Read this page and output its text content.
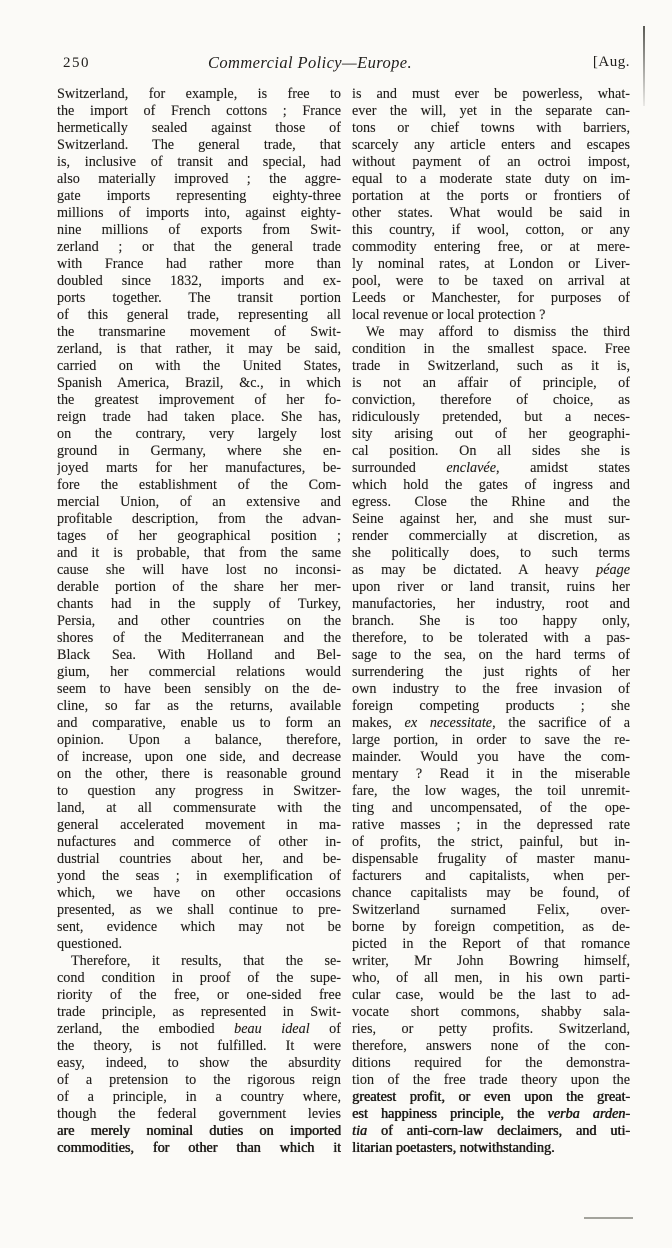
250	Commercial Policy—Europe.	[Aug.
Switzerland, for example, is free to
the import of French cottons ; France
hermetically sealed against those of
Switzerland. The general trade, that
is, inclusive of transit and special, had
also materially improved ; the aggre-
gate imports representing eighty-three
millions of imports into, against eighty-
nine millions of exports from Swit-
zerland ; or that the general trade
with France had rather more than
doubled since 1832, imports and ex-
ports together. The transit portion
of this general trade, representing all
the transmarine movement of Swit-
zerland, is that rather, it may be said,
carried on with the United States,
Spanish America, Brazil, &c., in which
the greatest improvement of her fo-
reign trade had taken place. She has,
on the contrary, very largely lost
ground in Germany, where she en-
joyed marts for her manufactures, be-
fore the establishment of the Com-
mercial Union, of an extensive and
profitable description, from the advan-
tages of her geographical position ;
and it is probable, that from the same
cause she will have lost no inconsi-
derable portion of the share her mer-
chants had in the supply of Turkey,
Persia, and other countries on the
shores of the Mediterranean and the
Black Sea. With Holland and Bel-
gium, her commercial relations would
seem to have been sensibly on the de-
cline, so far as the returns, available
and comparative, enable us to form an
opinion. Upon a balance, therefore,
of increase, upon one side, and decrease
on the other, there is reasonable ground
to question any progress in Switzer-
land, at all commensurate with the
general accelerated movement in ma-
nufactures and commerce of other in-
dustrial countries about her, and be-
yond the seas ; in exemplification of
which, we have on other occasions
presented, as we shall continue to pre-
sent, evidence which may not be
questioned.
Therefore, it results, that the se-
cond condition in proof of the supe-
riority of the free, or one-sided free
trade principle, as represented in Swit-
zerland, the embodied beau ideal of
the theory, is not fulfilled. It were
easy, indeed, to show the absurdity
of a pretension to the rigorous reign
of a principle, in a country where,
though the federal government levies
are merely nominal duties on imported
commodities, for other than which it
is and must ever be powerless, what-
ever the will, yet in the separate can-
tons or chief towns with barriers,
scarcely any article enters and escapes
without payment of an octroi impost,
equal to a moderate state duty on im-
portation at the ports or frontiers of
other states. What would be said in
this country, if wool, cotton, or any
commodity entering free, or at mere-
ly nominal rates, at London or Liver-
pool, were to be taxed on arrival at
Leeds or Manchester, for purposes of
local revenue or local protection ?
We may afford to dismiss the third
condition in the smallest space. Free
trade in Switzerland, such as it is,
is not an affair of principle, of
conviction, therefore of choice, as
ridiculously pretended, but a neces-
sity arising out of her geographi-
cal position. On all sides she is
surrounded enclavée, amidst states
which hold the gates of ingress and
egress. Close the Rhine and the
Seine against her, and she must sur-
render commercially at discretion, as
she politically does, to such terms
as may be dictated. A heavy péage
upon river or land transit, ruins her
manufactories, her industry, root and
branch. She is too happy only,
therefore, to be tolerated with a pas-
sage to the sea, on the hard terms of
surrendering the just rights of her
own industry to the free invasion of
foreign competing products ; she
makes, ex necessitate, the sacrifice of a
large portion, in order to save the re-
mainder. Would you have the com-
mentary ? Read it in the miserable
fare, the low wages, the toil unremit-
ting and uncompensated, of the ope-
rative masses ; in the depressed rate
of profits, the strict, painful, but in-
dispensable frugality of master manu-
facturers and capitalists, when per-
chance capitalists may be found, of
Switzerland surnamed Felix, over-
borne by foreign competition, as de-
picted in the Report of that romance
writer, Mr John Bowring himself,
who, of all men, in his own parti-
cular case, would be the last to ad-
vocate short commons, shabby sala-
ries, or petty profits. Switzerland,
therefore, answers none of the con-
ditions required for the demonstra-
tion of the free trade theory upon the
greatest profit, or even upon the great-
est happiness principle, the verba arden-
tia of anti-corn-law declaimers, and uti-
litarian poetasters, notwithstanding.
